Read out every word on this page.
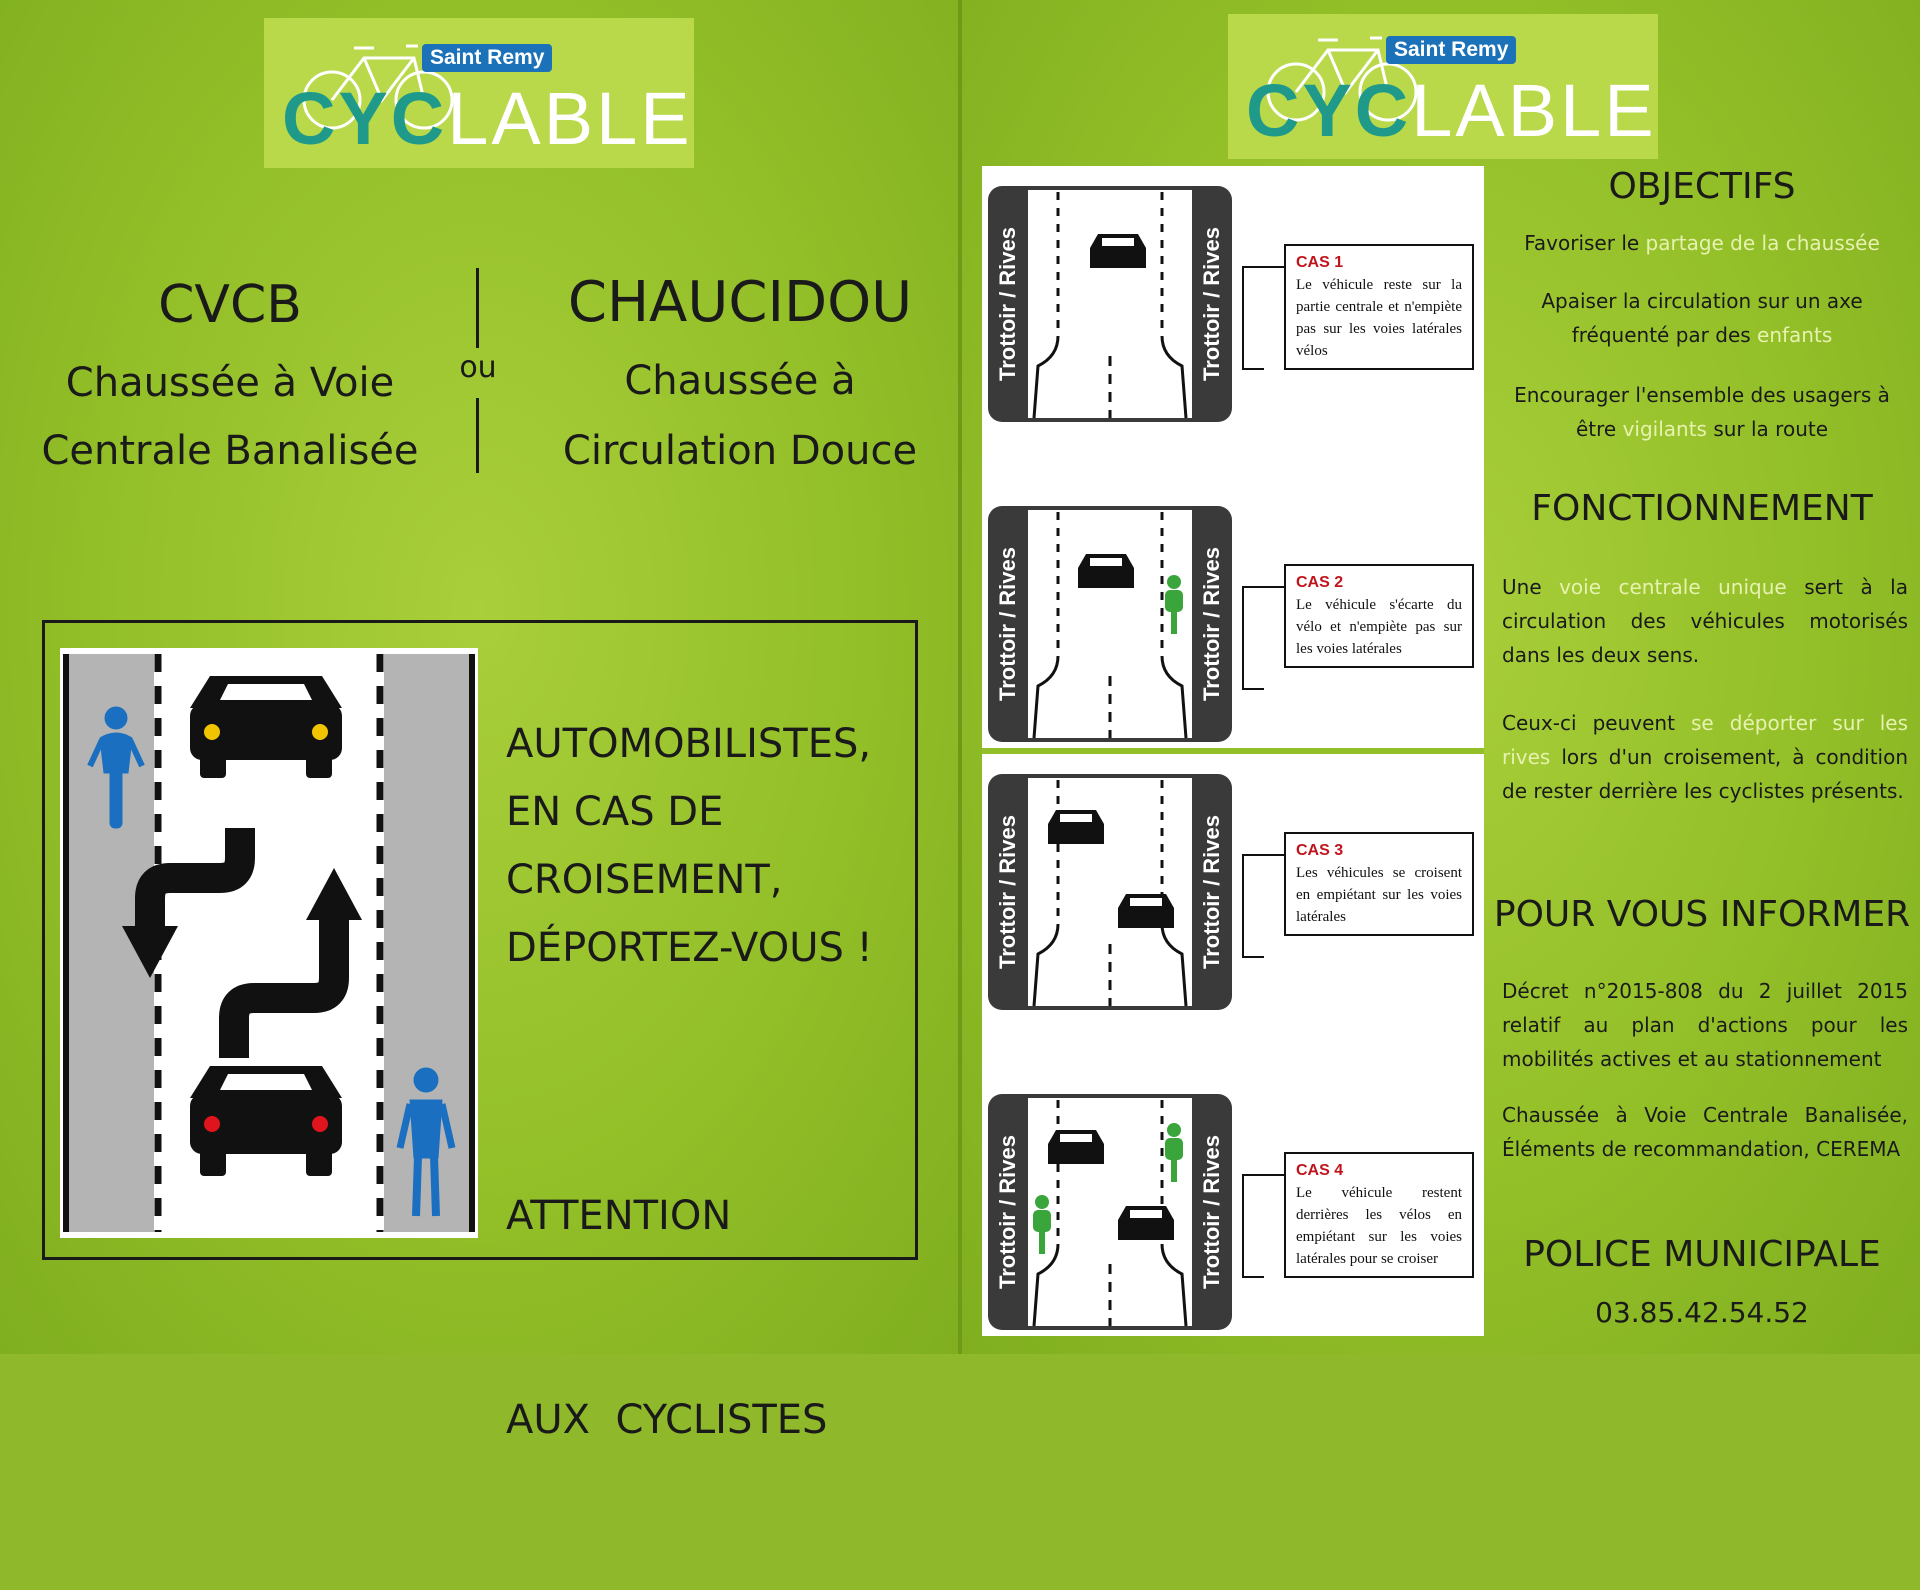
Saint Remy
CYCLABLE
CVCB
Chaussée à Voie
Centrale Banalisée
ou
CHAUCIDOU
Chaussée à
Circulation Douce
AUTOMOBILISTES,
EN CAS DE
CROISEMENT,
DÉPORTEZ-VOUS !

ATTENTION

AUX  CYCLISTES

Saint Remy
CYCLABLE
Trottoir / Rives	Trottoir / Rives	CAS 1
Le véhicule reste sur la partie centrale et n'empiète pas sur les voies latérales vélos
Trottoir / Rives	Trottoir / Rives	CAS 2
Le véhicule s'écarte du vélo et n'empiète pas sur les voies latérales
Trottoir / Rives	Trottoir / Rives	CAS 3
Les véhicules se croisent en empiétant sur les voies latérales
Trottoir / Rives	Trottoir / Rives	CAS 4
Le véhicule restent derrières les vélos en empiétant sur les voies latérales pour se croiser
OBJECTIFS
Favoriser le partage de la chaussée
Apaiser la circulation sur un axe fréquenté par des enfants
Encourager l'ensemble des usagers à être vigilants sur la route
FONCTIONNEMENT
Une voie centrale unique sert à la circulation des véhicules motorisés dans les deux sens.
Ceux-ci peuvent se déporter sur les rives lors d'un croisement, à condition de rester derrière les cyclistes présents.
POUR VOUS INFORMER
Décret n°2015-808 du 2 juillet 2015 relatif au plan d'actions pour les mobilités actives et au stationnement
Chaussée à Voie Centrale Banalisée, Éléments de recommandation, CEREMA
POLICE MUNICIPALE
03.85.42.54.52
